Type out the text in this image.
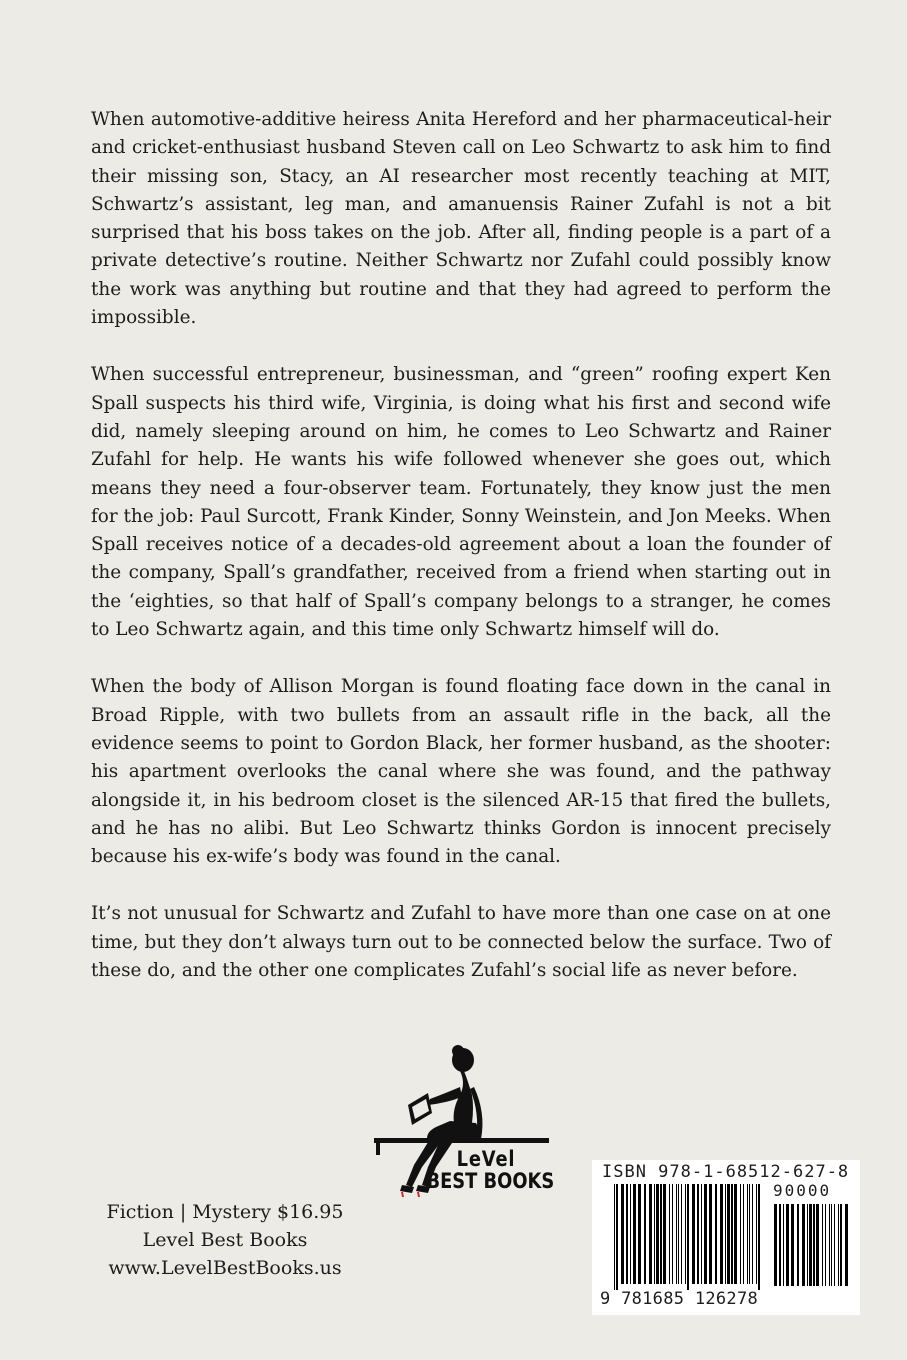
When automotive-additive heiress Anita Hereford and her pharmaceutical-heir and cricket-enthusiast husband Steven call on Leo Schwartz to ask him to find their missing son, Stacy, an AI researcher most recently teaching at MIT, Schwartz’s assistant, leg man, and amanuensis Rainer Zufahl is not a bit surprised that his boss takes on the job. After all, finding people is a part of a private detective’s routine. Neither Schwartz nor Zufahl could possibly know the work was anything but routine and that they had agreed to perform the impossible.

When successful entrepreneur, businessman, and “green” roofing expert Ken Spall suspects his third wife, Virginia, is doing what his first and second wife did, namely sleeping around on him, he comes to Leo Schwartz and Rainer Zufahl for help. He wants his wife followed whenever she goes out, which means they need a four-observer team. Fortunately, they know just the men for the job: Paul Surcott, Frank Kinder, Sonny Weinstein, and Jon Meeks. When Spall receives notice of a decades-old agreement about a loan the founder of the company, Spall’s grandfather, received from a friend when starting out in the ‘eighties, so that half of Spall’s company belongs to a stranger, he comes to Leo Schwartz again, and this time only Schwartz himself will do.

When the body of Allison Morgan is found floating face down in the canal in Broad Ripple, with two bullets from an assault rifle in the back, all the evidence seems to point to Gordon Black, her former husband, as the shooter: his apartment overlooks the canal where she was found, and the pathway alongside it, in his bedroom closet is the silenced AR-15 that fired the bullets, and he has no alibi. But Leo Schwartz thinks Gordon is innocent precisely because his ex-wife’s body was found in the canal.

It’s not unusual for Schwartz and Zufahl to have more than one case on at one time, but they don’t always turn out to be connected below the surface. Two of these do, and the other one complicates Zufahl’s social life as never before.

LeVel
BEST BOOKS
Fiction | Mystery $16.95
Level Best Books
www.LevelBestBooks.us
ISBN 978-1-68512-627-8
90000
9 781685 126278
